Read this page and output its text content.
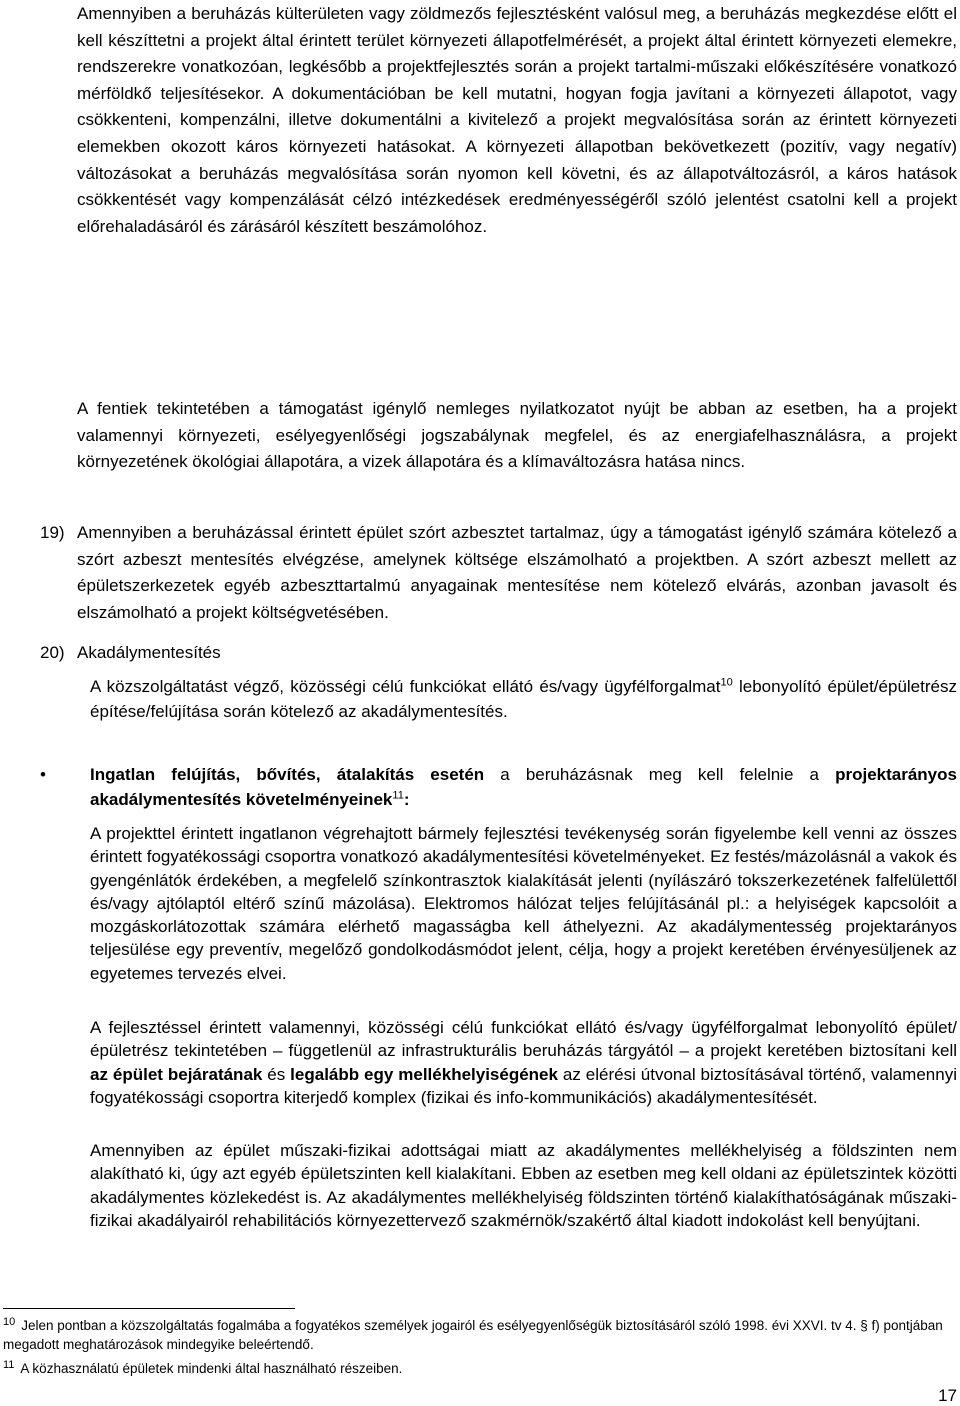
Amennyiben a beruházás külterületen vagy zöldmezős fejlesztésként valósul meg, a beruházás megkezdése előtt el kell készíttetni a projekt által érintett terület környezeti állapotfelmérését, a projekt által érintett környezeti elemekre, rendszerekre vonatkozóan, legkésőbb a projektfejlesztés során a projekt tartalmi-műszaki előkészítésére vonatkozó mérföldkő teljesítésekor. A dokumentációban be kell mutatni, hogyan fogja javítani a környezeti állapotot, vagy csökkenteni, kompenzálni, illetve dokumentálni a kivitelező a projekt megvalósítása során az érintett környezeti elemekben okozott káros környezeti hatásokat. A környezeti állapotban bekövetkezett (pozitív, vagy negatív) változásokat a beruházás megvalósítása során nyomon kell követni, és az állapotváltozásról, a káros hatások csökkentését vagy kompenzálását célzó intézkedések eredményességéről szóló jelentést csatolni kell a projekt előrehaladásáról és zárásáról készített beszámolóhoz.

A fentiek tekintetében a támogatást igénylő nemleges nyilatkozatot nyújt be abban az esetben, ha a projekt valamennyi környezeti, esélyegyenlőségi jogszabálynak megfelel, és az energiafelhasználásra, a projekt környezetének ökológiai állapotára, a vizek állapotára és a klímaváltozásra hatása nincs.

19) Amennyiben a beruházással érintett épület szórt azbesztet tartalmaz, úgy a támogatást igénylő számára kötelező a szórt azbeszt mentesítés elvégzése, amelynek költsége elszámolható a projektben. A szórt azbeszt mellett az épületszerkezetek egyéb azbeszttartalmú anyagainak mentesítése nem kötelező elvárás, azonban javasolt és elszámolható a projekt költségvetésében.
20) Akadálymentesítés

A közszolgáltatást végző, közösségi célú funkciókat ellátó és/vagy ügyfélforgalmat$^{10}$ lebonyolító épület/épületrész építése/felújítása során kötelező az akadálymentesítés.

•	Ingatlan felújítás, bővítés, átalakítás esetén a beruházásnak meg kell felelnie a projektarányos akadálymentesítés követelményeinek$^{11}$:

A projekttel érintett ingatlanon végrehajtott bármely fejlesztési tevékenység során figyelembe kell venni az összes érintett fogyatékossági csoportra vonatkozó akadálymentesítési követelményeket. Ez festés/mázolásnál a vakok és gyengénlátók érdekében, a megfelelő színkontrasztok kialakítását jelenti (nyílászáró tokszerkezetének falfelülettől és/vagy ajtólaptól eltérő színű mázolása). Elektromos hálózat teljes felújításánál pl.: a helyiségek kapcsolóit a mozgáskorlátozottak számára elérhető magasságba kell áthelyezni. Az akadálymentesség projektarányos teljesülése egy preventív, megelőző gondolkodásmódot jelent, célja, hogy a projekt keretében érvényesüljenek az egyetemes tervezés elvei.

A fejlesztéssel érintett valamennyi, közösségi célú funkciókat ellátó és/vagy ügyfélforgalmat lebonyolító épület/épületrész tekintetében – függetlenül az infrastrukturális beruházás tárgyától – a projekt keretében biztosítani kell az épület bejáratának és legalább egy mellékhelyiségének az elérési útvonal biztosításával történő, valamennyi fogyatékossági csoportra kiterjedő komplex (fizikai és info-kommunikációs) akadálymentesítését.

Amennyiben az épület műszaki-fizikai adottságai miatt az akadálymentes mellékhelyiség a földszinten nem alakítható ki, úgy azt egyéb épületszinten kell kialakítani. Ebben az esetben meg kell oldani az épületszintek közötti akadálymentes közlekedést is. Az akadálymentes mellékhelyiség földszinten történő kialakíthatóságának műszaki-fizikai akadályairól rehabilitációs környezettervező szakmérnök/szakértő által kiadott indokolást kell benyújtani.

$^{10}$ Jelen pontban a közszolgáltatás fogalmába a fogyatékos személyek jogairól és esélyegyenlőségük biztosításáról szóló 1998. évi XXVI. tv 4. § f) pontjában megadott meghatározások mindegyike beleértendő.

$^{11}$ A közhasználatú épületek mindenki által használható részeiben.

17
